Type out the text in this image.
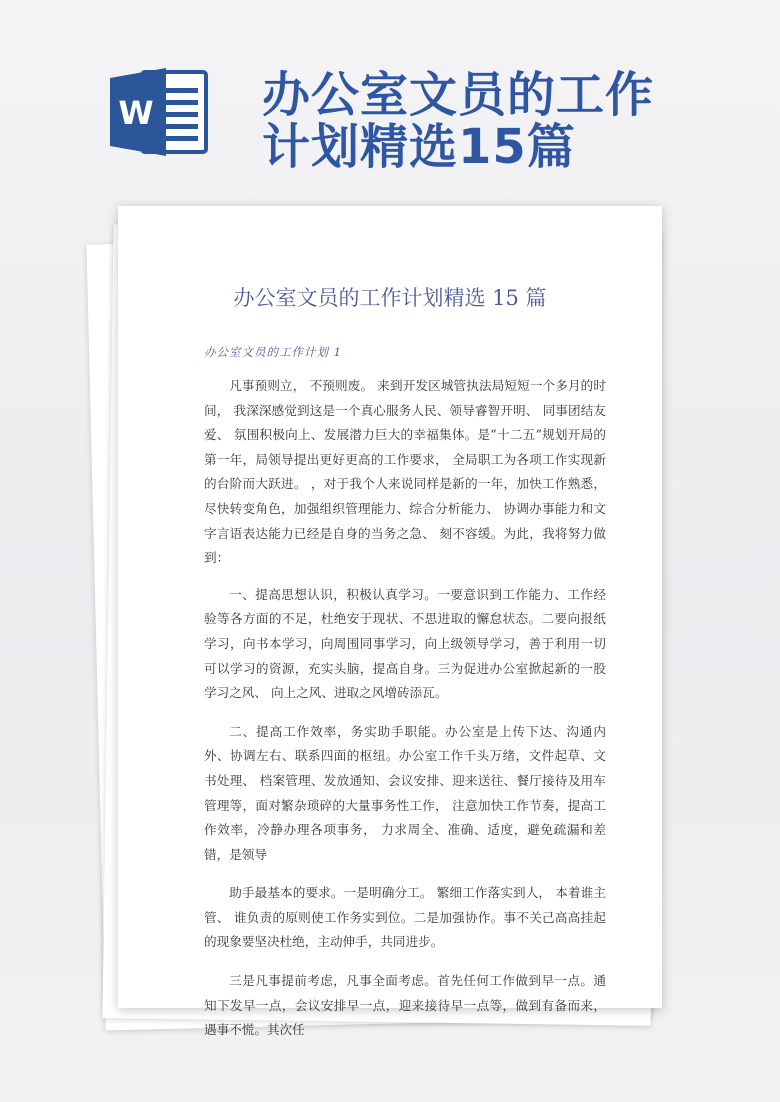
W 办公室文员的工作
计划精选15篇
办公室文员的工作计划精选 15 篇
办公室文员的工作计划 1

凡事预则立， 不预则废。 来到开发区城管执法局短短一个多月的时间， 我深深感觉到这是一个真心服务人民、领导睿智开明、 同事团结友爱、 氛围积极向上、发展潜力巨大的幸福集体。是“十二五”规划开局的第一年，局领导提出更好更高的工作要求， 全局职工为各项工作实现新的台阶而大跃进。 ，对于我个人来说同样是新的一年，加快工作熟悉，尽快转变角色，加强组织管理能力、综合分析能力、 协调办事能力和文字言语表达能力已经是自身的当务之急、 刻不容缓。为此，我将努力做到：

一、提高思想认识，积极认真学习。一要意识到工作能力、工作经验等各方面的不足，杜绝安于现状、不思进取的懈怠状态。二要向报纸学习，向书本学习，向周围同事学习，向上级领导学习，善于利用一切可以学习的资源，充实头脑，提高自身。三为促进办公室掀起新的一股学习之风、 向上之风、进取之风增砖添瓦。

二、提高工作效率，务实助手职能。办公室是上传下达、沟通内外、协调左右、联系四面的枢纽。办公室工作千头万绪，文件起草、文书处理、 档案管理、发放通知、会议安排、迎来送往、餐厅接待及用车管理等，面对繁杂琐碎的大量事务性工作， 注意加快工作节奏，提高工作效率，冷静办理各项事务， 力求周全、准确、适度，避免疏漏和差错，是领导

助手最基本的要求。一是明确分工。 繁细工作落实到人， 本着谁主管、 谁负责的原则使工作务实到位。二是加强协作。事不关己高高挂起的现象要坚决杜绝，主动伸手，共同进步。

三是凡事提前考虑，凡事全面考虑。首先任何工作做到早一点。通知下发早一点，会议安排早一点，迎来接待早一点等，做到有备而来， 遇事不慌。其次任
